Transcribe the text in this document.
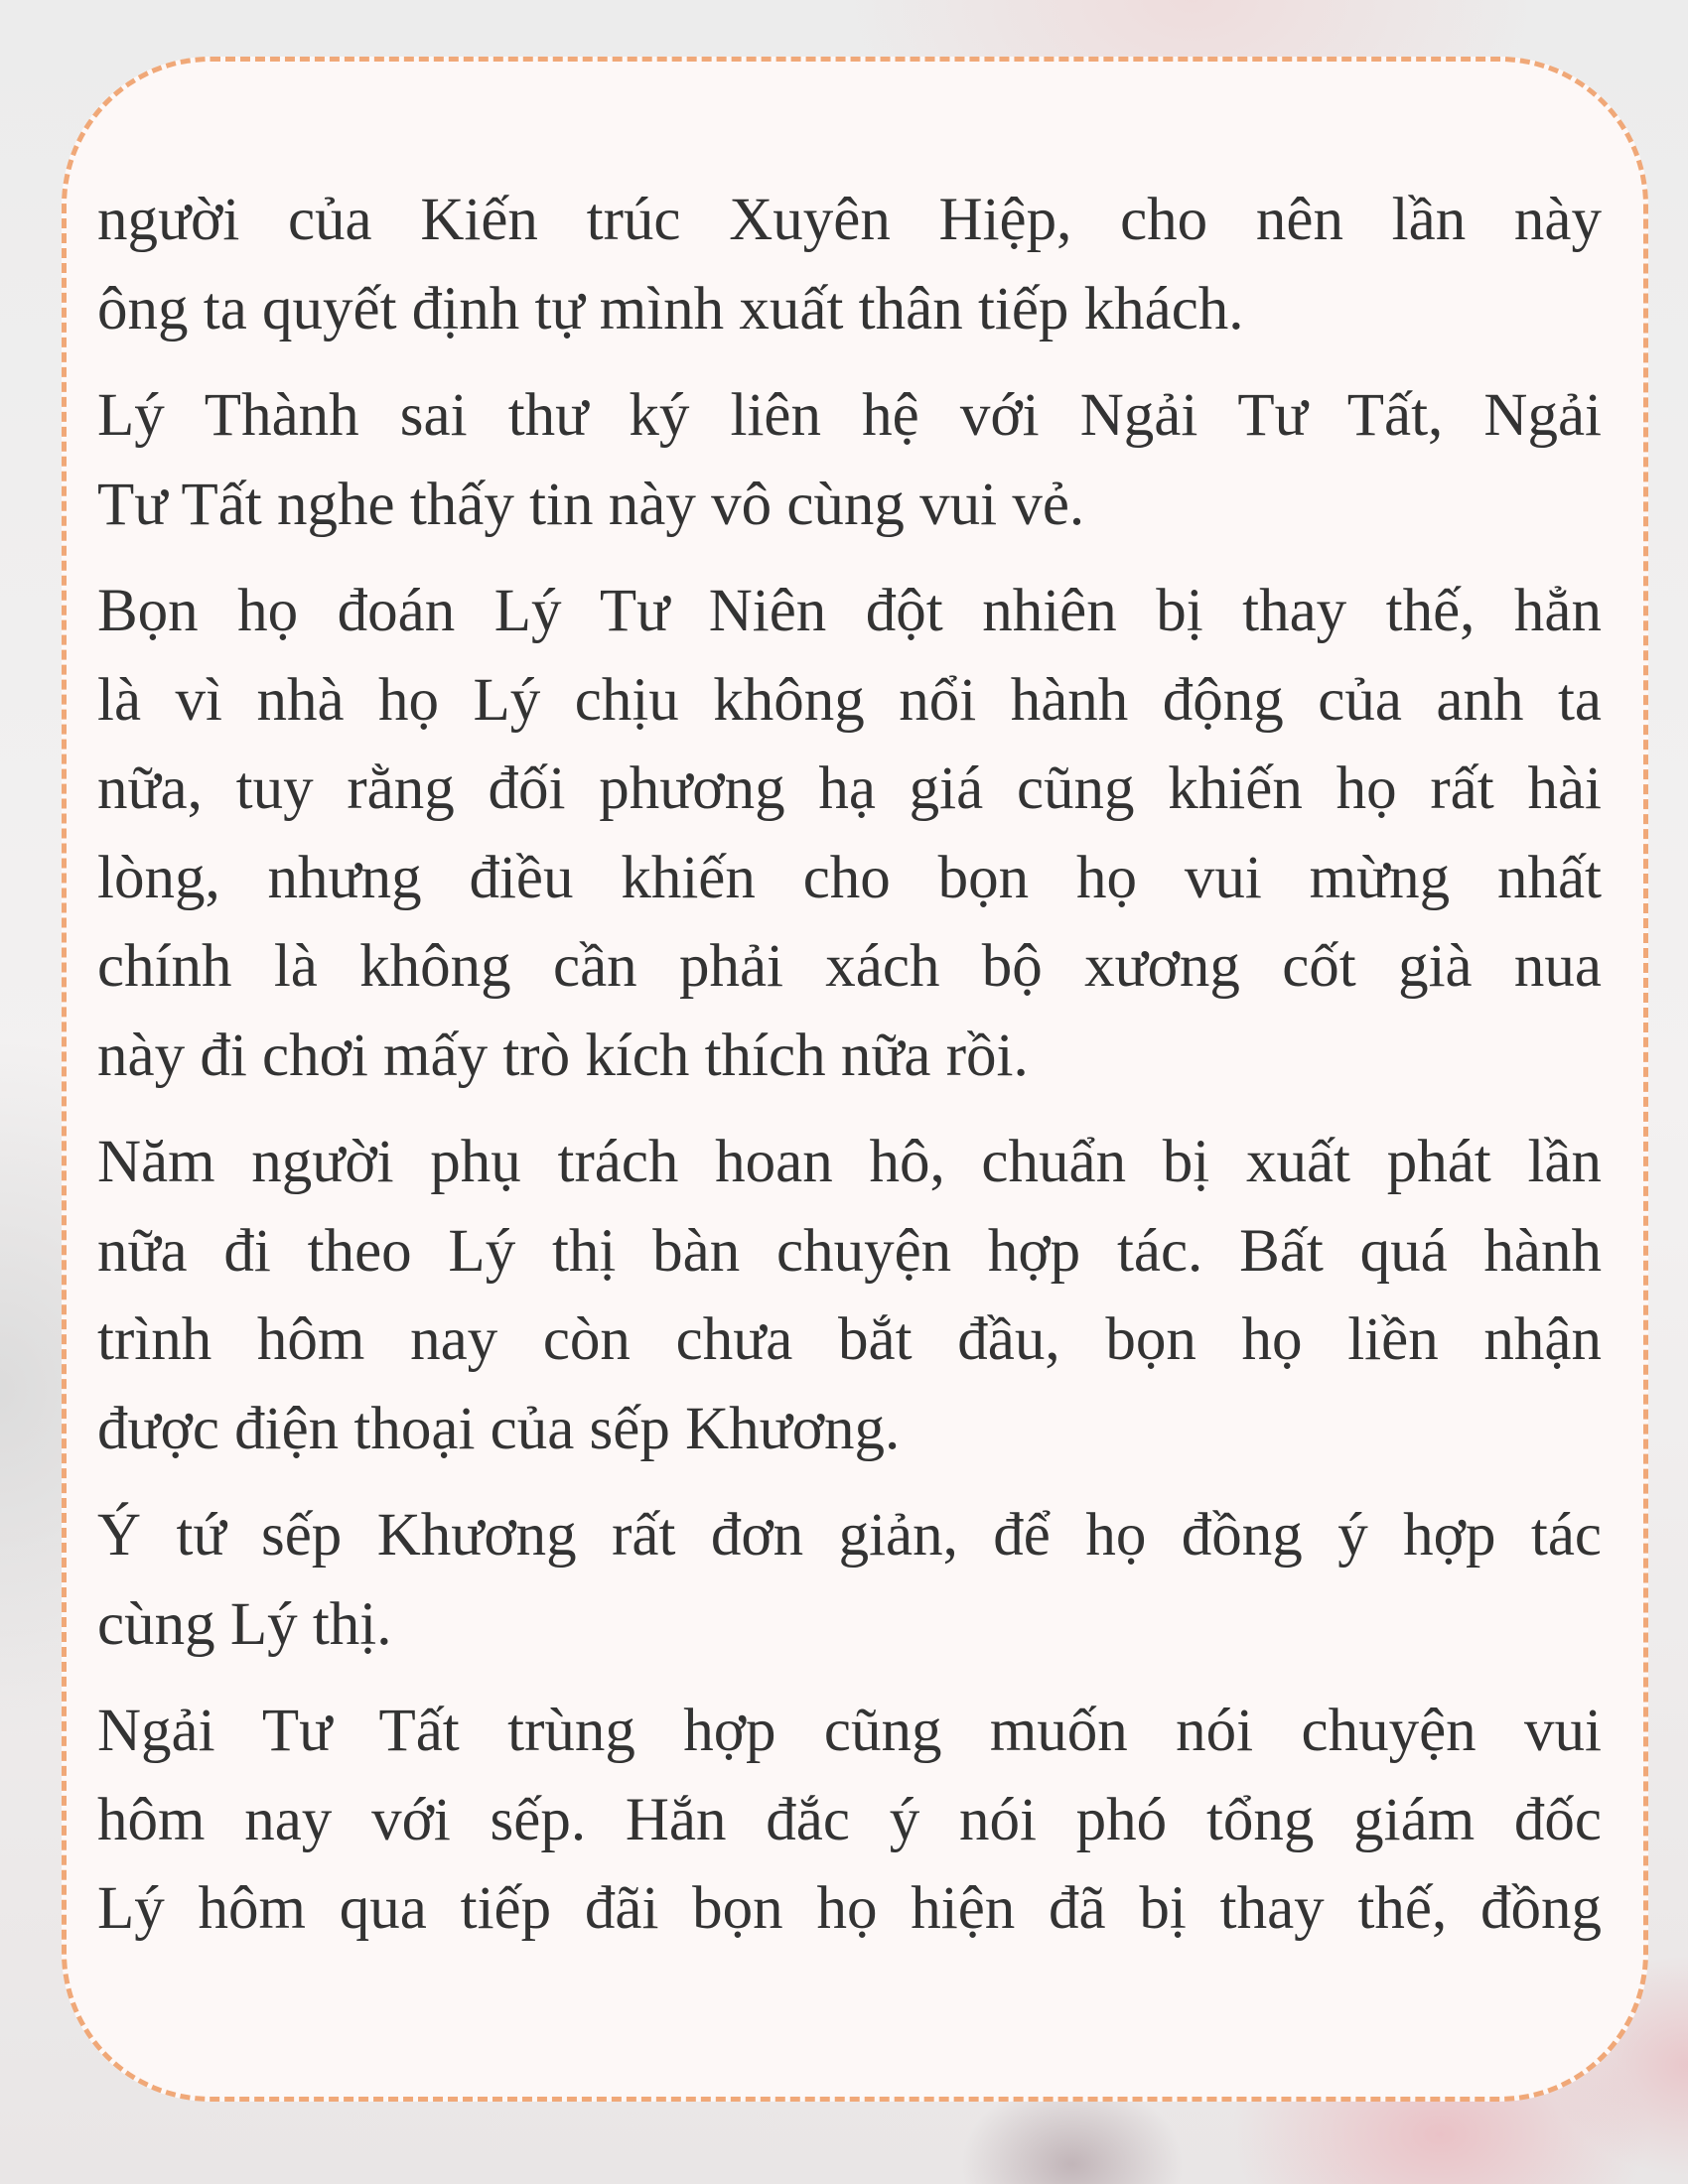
người của Kiến trúc Xuyên Hiệp, cho nên lần này
ông ta quyết định tự mình xuất thân tiếp khách.
Lý Thành sai thư ký liên hệ với Ngải Tư Tất, Ngải
Tư Tất nghe thấy tin này vô cùng vui vẻ.
Bọn họ đoán Lý Tư Niên đột nhiên bị thay thế, hẳn
là vì nhà họ Lý chịu không nổi hành động của anh ta
nữa, tuy rằng đối phương hạ giá cũng khiến họ rất hài
lòng, nhưng điều khiến cho bọn họ vui mừng nhất
chính là không cần phải xách bộ xương cốt già nua
này đi chơi mấy trò kích thích nữa rồi.
Năm người phụ trách hoan hô, chuẩn bị xuất phát lần
nữa đi theo Lý thị bàn chuyện hợp tác. Bất quá hành
trình hôm nay còn chưa bắt đầu, bọn họ liền nhận
được điện thoại của sếp Khương.
Ý tứ sếp Khương rất đơn giản, để họ đồng ý hợp tác
cùng Lý thị.
Ngải Tư Tất trùng hợp cũng muốn nói chuyện vui
hôm nay với sếp. Hắn đắc ý nói phó tổng giám đốc
Lý hôm qua tiếp đãi bọn họ hiện đã bị thay thế, đồng
